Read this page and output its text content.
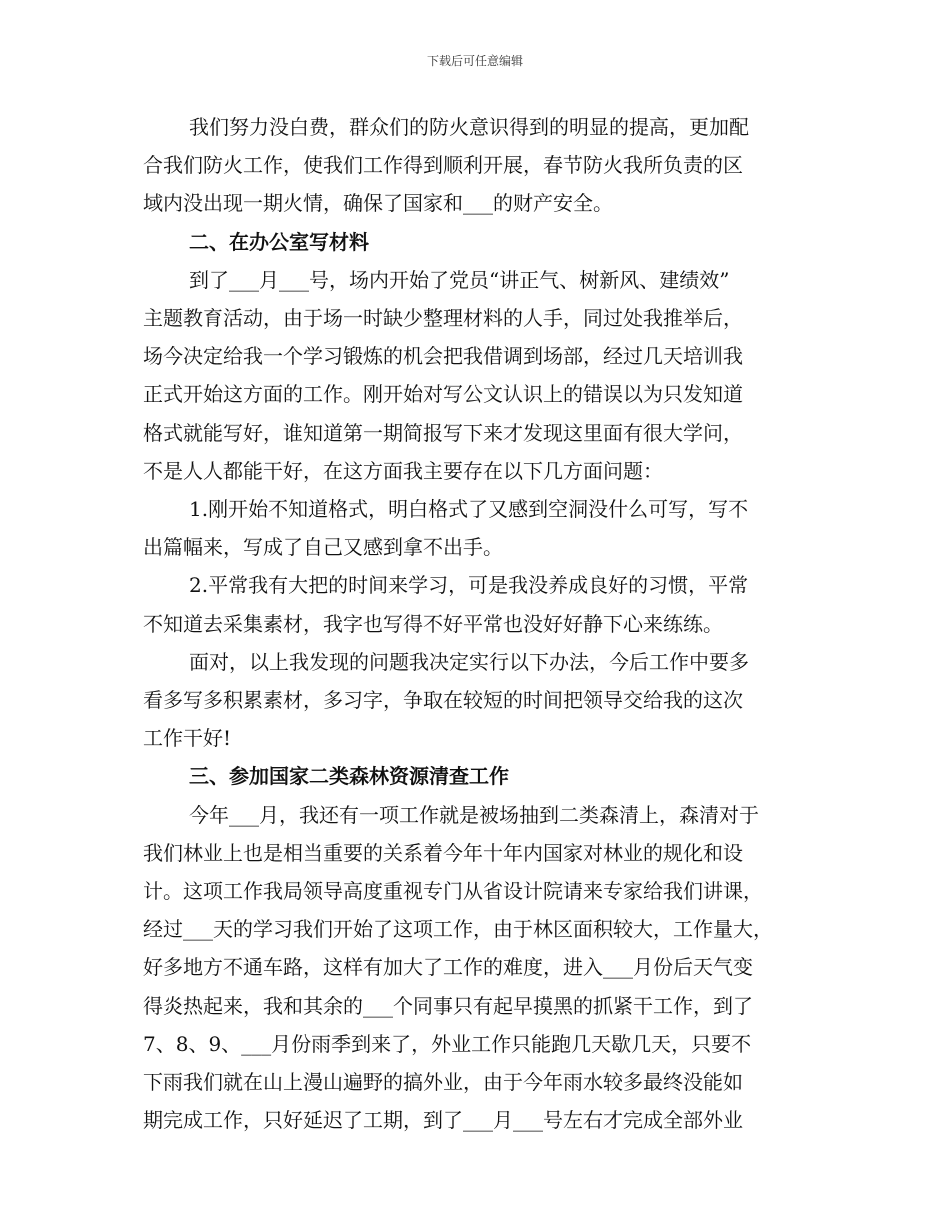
下载后可任意编辑

我们努力没白费，群众们的防火意识得到的明显的提高，更加配

合我们防火工作，使我们工作得到顺利开展，春节防火我所负责的区

域内没出现一期火情，确保了国家和___的财产安全。

二、在办公室写材料

到了___月___号，场内开始了党员“讲正气、树新风、建绩效”

主题教育活动，由于场一时缺少整理材料的人手，同过处我推举后，

场今决定给我一个学习锻炼的机会把我借调到场部，经过几天培训我

正式开始这方面的工作。刚开始对写公文认识上的错误以为只发知道

格式就能写好，谁知道第一期简报写下来才发现这里面有很大学问，

不是人人都能干好，在这方面我主要存在以下几方面问题：

1.刚开始不知道格式，明白格式了又感到空洞没什么可写，写不

出篇幅来，写成了自己又感到拿不出手。

2.平常我有大把的时间来学习，可是我没养成良好的习惯，平常

不知道去采集素材，我字也写得不好平常也没好好静下心来练练。

面对，以上我发现的问题我决定实行以下办法，今后工作中要多

看多写多积累素材，多习字，争取在较短的时间把领导交给我的这次

工作干好!

三、参加国家二类森林资源清查工作

今年___月，我还有一项工作就是被场抽到二类森清上，森清对于

我们林业上也是相当重要的关系着今年十年内国家对林业的规化和设

计。这项工作我局领导高度重视专门从省设计院请来专家给我们讲课，

经过___天的学习我们开始了这项工作，由于林区面积较大，工作量大，

好多地方不通车路，这样有加大了工作的难度，进入___月份后天气变

得炎热起来，我和其余的___个同事只有起早摸黑的抓紧干工作，到了

7、8、9、___月份雨季到来了，外业工作只能跑几天歇几天，只要不

下雨我们就在山上漫山遍野的搞外业，由于今年雨水较多最终没能如

期完成工作，只好延迟了工期，到了___月___号左右才完成全部外业
